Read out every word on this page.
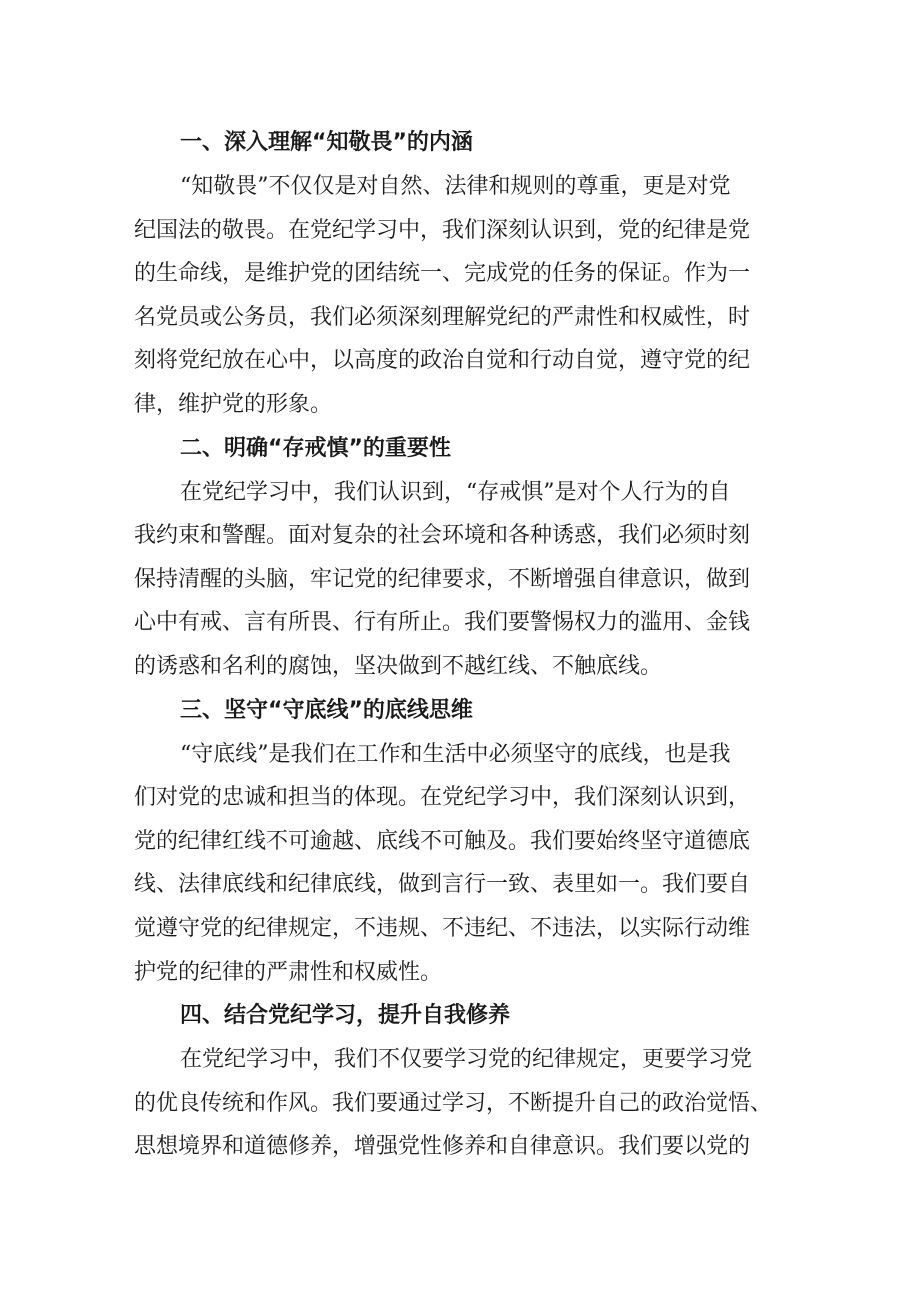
一、深入理解“知敬畏”的内涵

“知敬畏”不仅仅是对自然、法律和规则的尊重，更是对党
纪国法的敬畏。在党纪学习中，我们深刻认识到，党的纪律是党
的生命线，是维护党的团结统一、完成党的任务的保证。作为一
名党员或公务员，我们必须深刻理解党纪的严肃性和权威性，时
刻将党纪放在心中，以高度的政治自觉和行动自觉，遵守党的纪
律，维护党的形象。

二、明确“存戒慎”的重要性

在党纪学习中，我们认识到，“存戒惧”是对个人行为的自
我约束和警醒。面对复杂的社会环境和各种诱惑，我们必须时刻
保持清醒的头脑，牢记党的纪律要求，不断增强自律意识，做到
心中有戒、言有所畏、行有所止。我们要警惕权力的滥用、金钱
的诱惑和名利的腐蚀，坚决做到不越红线、不触底线。

三、坚守“守底线”的底线思维

“守底线”是我们在工作和生活中必须坚守的底线，也是我
们对党的忠诚和担当的体现。在党纪学习中，我们深刻认识到，
党的纪律红线不可逾越、底线不可触及。我们要始终坚守道德底
线、法律底线和纪律底线，做到言行一致、表里如一。我们要自
觉遵守党的纪律规定，不违规、不违纪、不违法，以实际行动维
护党的纪律的严肃性和权威性。

四、结合党纪学习，提升自我修养

在党纪学习中，我们不仅要学习党的纪律规定，更要学习党
的优良传统和作风。我们要通过学习，不断提升自己的政治觉悟、
思想境界和道德修养，增强党性修养和自律意识。我们要以党的
